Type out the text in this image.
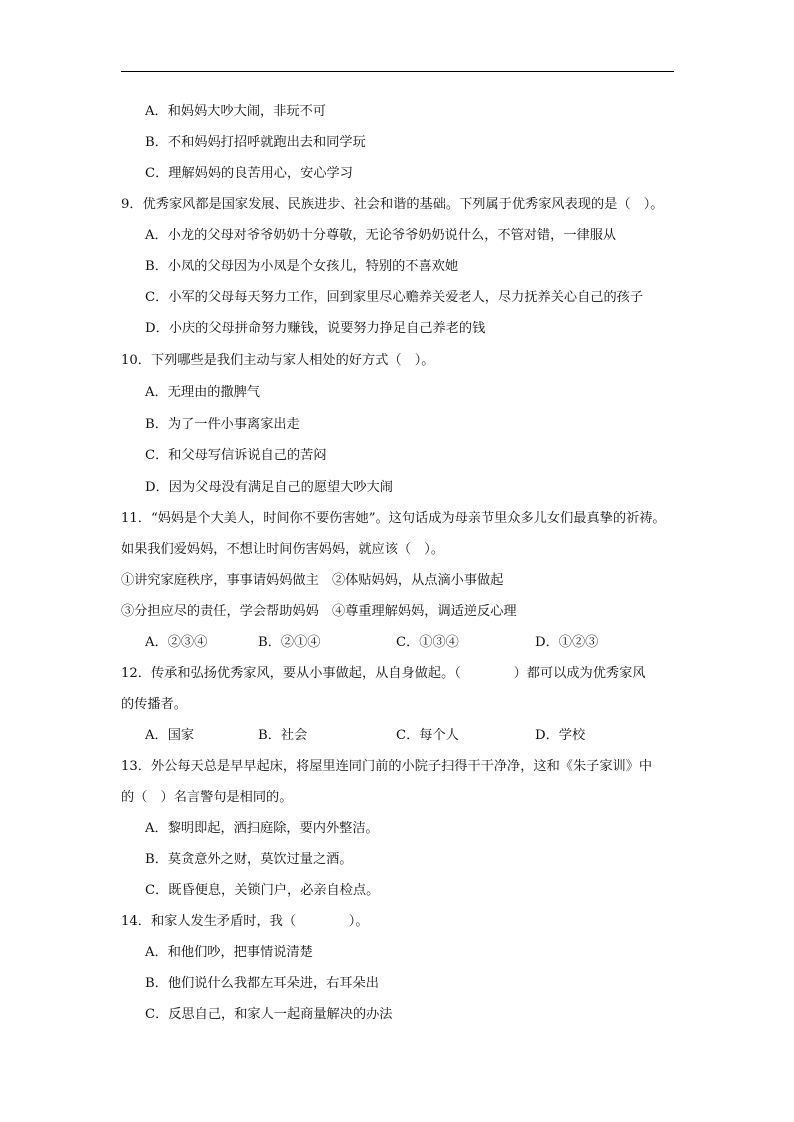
A．和妈妈大吵大闹，非玩不可
B．不和妈妈打招呼就跑出去和同学玩
C．理解妈妈的良苦用心，安心学习
9．优秀家风都是国家发展、民族进步、社会和谐的基础。下列属于优秀家风表现的是（　）。
A．小龙的父母对爷爷奶奶十分尊敬，无论爷爷奶奶说什么，不管对错，一律服从
B．小凤的父母因为小凤是个女孩儿，特别的不喜欢她
C．小军的父母每天努力工作，回到家里尽心赡养关爱老人，尽力抚养关心自己的孩子
D．小庆的父母拼命努力赚钱，说要努力挣足自己养老的钱
10．下列哪些是我们主动与家人相处的好方式（　）。
A．无理由的撒脾气
B．为了一件小事离家出走
C．和父母写信诉说自己的苦闷
D．因为父母没有满足自己的愿望大吵大闹
11．“妈妈是个大美人，时间你不要伤害她”。这句话成为母亲节里众多儿女们最真挚的祈祷。
如果我们爱妈妈，不想让时间伤害妈妈，就应该（　）。
①讲究家庭秩序，事事请妈妈做主　②体贴妈妈，从点滴小事做起
③分担应尽的责任，学会帮助妈妈　④尊重理解妈妈，调适逆反心理
A．②③④	B．②①④	C．①③④	D．①②③
12．传承和弘扬优秀家风，要从小事做起，从自身做起。（　　　　）都可以成为优秀家风
的传播者。
A．国家	B．社会	C．每个人	D．学校
13．外公每天总是早早起床，将屋里连同门前的小院子扫得干干净净，这和《朱子家训》中
的（　）名言警句是相同的。
A．黎明即起，洒扫庭除，要内外整洁。
B．莫贪意外之财，莫饮过量之酒。
C．既昏便息，关锁门户，必亲自检点。
14．和家人发生矛盾时，我（　　　　）。
A．和他们吵，把事情说清楚
B．他们说什么我都左耳朵进，右耳朵出
C．反思自己，和家人一起商量解决的办法
